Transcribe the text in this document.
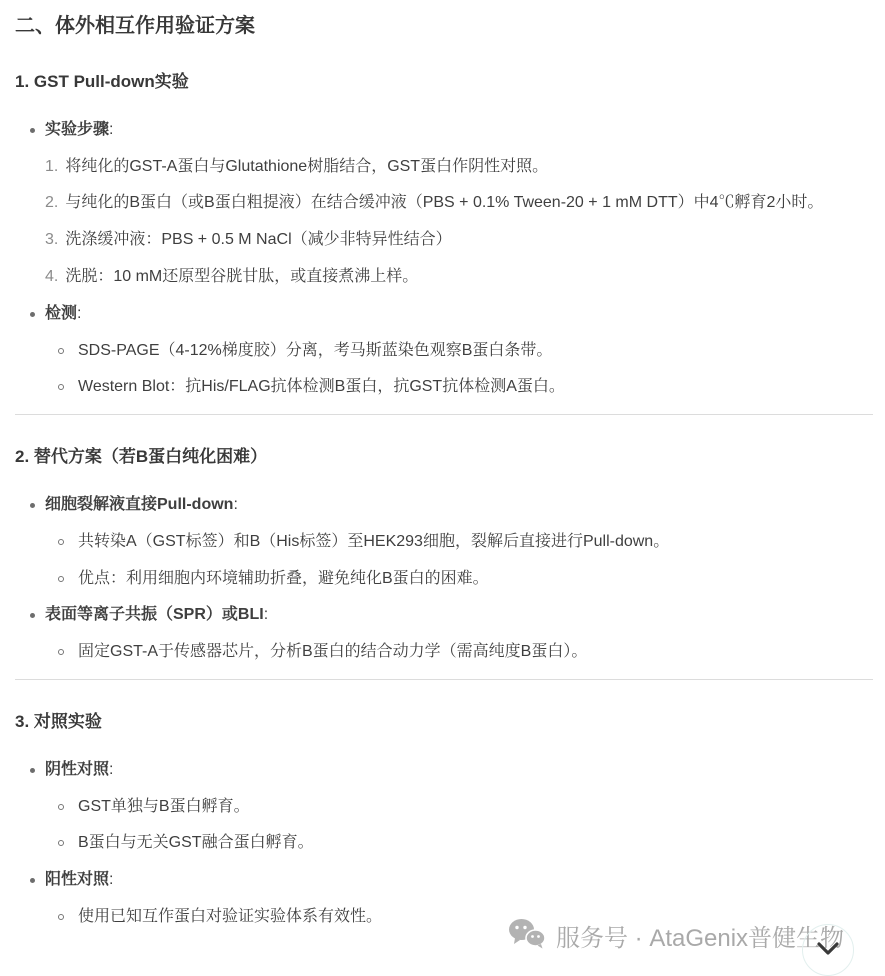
二、体外相互作用验证方案
1. GST Pull-down实验
实验步骤:
1. 将纯化的GST-A蛋白与Glutathione树脂结合，GST蛋白作阴性对照。
2. 与纯化的B蛋白（或B蛋白粗提液）在结合缓冲液（PBS + 0.1% Tween-20 + 1 mM DTT）中4℃孵育2小时。
3. 洗涤缓冲液：PBS + 0.5 M NaCl（减少非特异性结合）
4. 洗脱：10 mM还原型谷胱甘肽，或直接煮沸上样。
检测:
SDS-PAGE（4-12%梯度胶）分离，考马斯蓝染色观察B蛋白条带。
Western Blot：抗His/FLAG抗体检测B蛋白，抗GST抗体检测A蛋白。
2. 替代方案（若B蛋白纯化困难）
细胞裂解液直接Pull-down:
共转染A（GST标签）和B（His标签）至HEK293细胞，裂解后直接进行Pull-down。
优点：利用细胞内环境辅助折叠，避免纯化B蛋白的困难。
表面等离子共振（SPR）或BLI:
固定GST-A于传感器芯片，分析B蛋白的结合动力学（需高纯度B蛋白）。
3. 对照实验
阴性对照:
GST单独与B蛋白孵育。
B蛋白与无关GST融合蛋白孵育。
阳性对照:
使用已知互作蛋白对验证实验体系有效性。
服务号 · AtaGenix普健生物
